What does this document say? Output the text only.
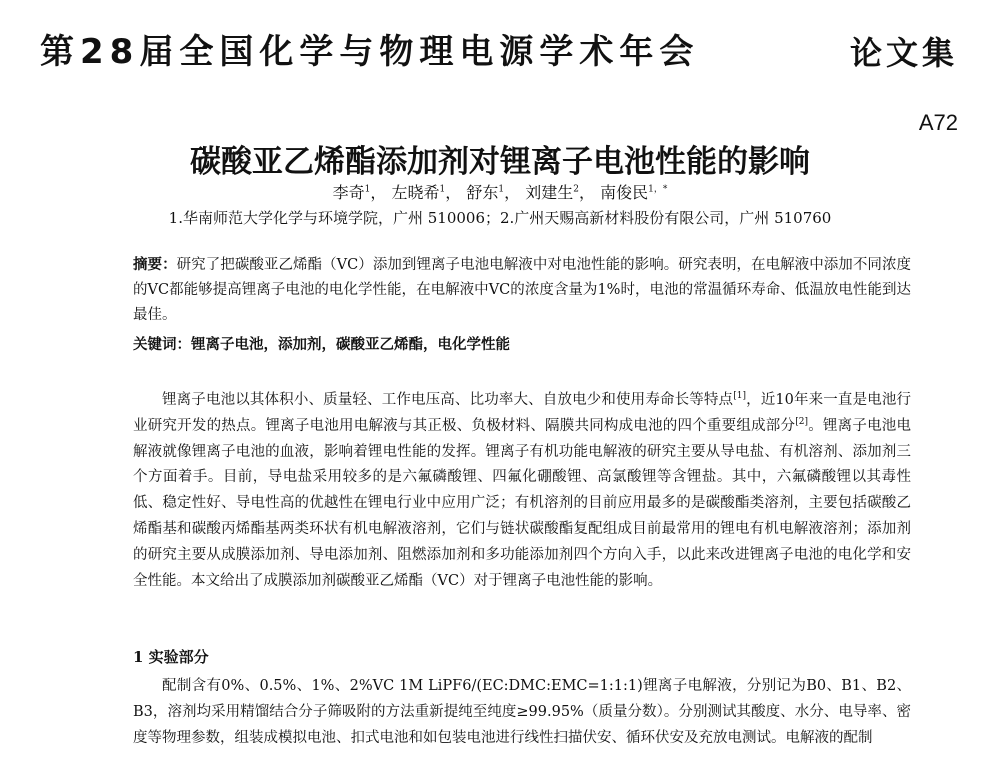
第28届全国化学与物理电源学术年会	论文集
A72
碳酸亚乙烯酯添加剂对锂离子电池性能的影响
李奇$^1$， 左晓希$^1$， 舒东$^1$， 刘建生$^2$， 南俊民$^{1,*}$
1.华南师范大学化学与环境学院，广州 510006；2.广州天赐高新材料股份有限公司，广州 510760
摘要：研究了把碳酸亚乙烯酯（VC）添加到锂离子电池电解液中对电池性能的影响。研究表明，在电解液中添加不同浓度的VC都能够提高锂离子电池的电化学性能，在电解液中VC的浓度含量为1%时，电池的常温循环寿命、低温放电性能到达最佳。
关键词：锂离子电池，添加剂，碳酸亚乙烯酯，电化学性能
锂离子电池以其体积小、质量轻、工作电压高、比功率大、自放电少和使用寿命长等特点[1]，近10年来一直是电池行业研究开发的热点。锂离子电池用电解液与其正极、负极材料、隔膜共同构成电池的四个重要组成部分[2]。锂离子电池电解液就像锂离子电池的血液，影响着锂电性能的发挥。锂离子有机功能电解液的研究主要从导电盐、有机溶剂、添加剂三个方面着手。目前，导电盐采用较多的是六氟磷酸锂、四氟化硼酸锂、高氯酸锂等含锂盐。其中，六氟磷酸锂以其毒性低、稳定性好、导电性高的优越性在锂电行业中应用广泛；有机溶剂的目前应用最多的是碳酸酯类溶剂，主要包括碳酸乙烯酯基和碳酸丙烯酯基两类环状有机电解液溶剂，它们与链状碳酸酯复配组成目前最常用的锂电有机电解液溶剂；添加剂的研究主要从成膜添加剂、导电添加剂、阻燃添加剂和多功能添加剂四个方向入手，以此来改进锂离子电池的电化学和安全性能。本文给出了成膜添加剂碳酸亚乙烯酯（VC）对于锂离子电池性能的影响。
1 实验部分
配制含有0%、0.5%、1%、2%VC 1M LiPF6/(EC:DMC:EMC=1:1:1)锂离子电解液，分别记为B0、B1、B2、B3，溶剂均采用精馏结合分子筛吸附的方法重新提纯至纯度≥99.95%（质量分数）。分别测试其酸度、水分、电导率、密度等物理参数，组装成模拟电池、扣式电池和如包装电池进行线性扫描伏安、循环伏安及充放电测试。电解液的配制
